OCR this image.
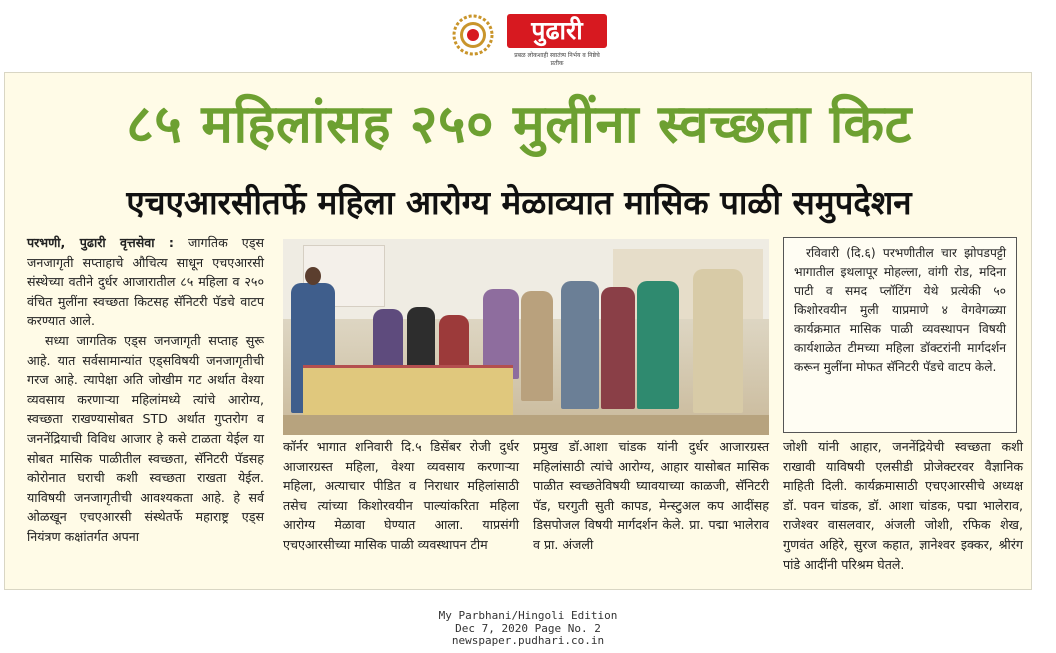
पुढारी
प्रबळ लोकशाही स्वातंत्र्य निर्भय व निष्ठेचे प्रतीक
८५ महिलांसह २५० मुलींना स्वच्छता किट
एचएआरसीतर्फे महिला आरोग्य मेळाव्यात मासिक पाळी समुपदेशन

परभणी, पुढारी वृत्तसेवा : जागतिक एड्स जनजागृती सप्ताहाचे औचित्य साधून एचएआरसी संस्थेच्या वतीने दुर्धर आजारातील ८५ महिला व २५० वंचित मुलींना स्वच्छता किटसह सॅनिटरी पॅडचे वाटप करण्यात आले.

सध्या जागतिक एड्स जनजागृती सप्ताह सुरू आहे. यात सर्वसामान्यांत एड्सविषयी जनजागृतीची गरज आहे. त्यापेक्षा अति जोखीम गट अर्थात वेश्या व्यवसाय करणाऱ्या महिलांमध्ये त्यांचे आरोग्य, स्वच्छता राखण्यासोबत STD अर्थात गुप्तरोग व जननेंद्रियाची विविध आजार हे कसे टाळता येईल या सोबत मासिक पाळीतील स्वच्छता, सॅनिटरी पॅडसह कोरोनात घराची कशी स्वच्छता राखता येईल. याविषयी जनजागृतीची आवश्यकता आहे. हे सर्व ओळखून एचएआरसी संस्थेतर्फे महाराष्ट्र एड्स नियंत्रण कक्षांतर्गत अपना

कॉर्नर भागात शनिवारी दि.५ डिसेंबर रोजी दुर्धर आजारग्रस्त महिला, वेश्या व्यवसाय करणाऱ्या महिला, अत्याचार पीडित व निराधार महिलांसाठी तसेच त्यांच्या किशोरवयीन पाल्यांकरिता महिला आरोग्य मेळावा घेण्यात आला. याप्रसंगी एचएआरसीच्या मासिक पाळी व्यवस्थापन टीम
प्रमुख डॉ.आशा चांडक यांनी दुर्धर आजारग्रस्त महिलांसाठी त्यांचे आरोग्य, आहार यासोबत मासिक पाळीत स्वच्छतेविषयी घ्यावयाच्या काळजी, सॅनिटरी पॅड, घरगुती सुती कापड, मेन्स्टुअल कप आदींसह डिसपोजल विषयी मार्गदर्शन केले. प्रा. पद्मा भालेराव व प्रा. अंजली
रविवारी (दि.६) परभणीतील चार झोपडपट्टी भागातील इथलापूर मोहल्ला, वांगी रोड, मदिना पाटी व समद प्लॉटिंग येथे प्रत्येकी ५० किशोरवयीन मुली याप्रमाणे ४ वेगवेगळ्या कार्यक्रमात मासिक पाळी व्यवस्थापन विषयी कार्यशाळेत टीमच्या महिला डॉक्टरांनी मार्गदर्शन करून मुलींना मोफत सॅनिटरी पॅडचे वाटप केले.
जोशी यांनी आहार, जननेंद्रियेची स्वच्छता कशी राखावी याविषयी एलसीडी प्रोजेक्टरवर वैज्ञानिक माहिती दिली. कार्यक्रमासाठी एचएआरसीचे अध्यक्ष डॉ. पवन चांडक, डॉ. आशा चांडक, पद्मा भालेराव, राजेश्वर वासलवार, अंजली जोशी, रफिक शेख, गुणवंत अहिरे, सुरज कहात, ज्ञानेश्वर इक्कर, श्रीरंग पांडे आदींनी परिश्रम घेतले.
My Parbhani/Hingoli Edition
Dec 7, 2020 Page No. 2
newspaper.pudhari.co.in
